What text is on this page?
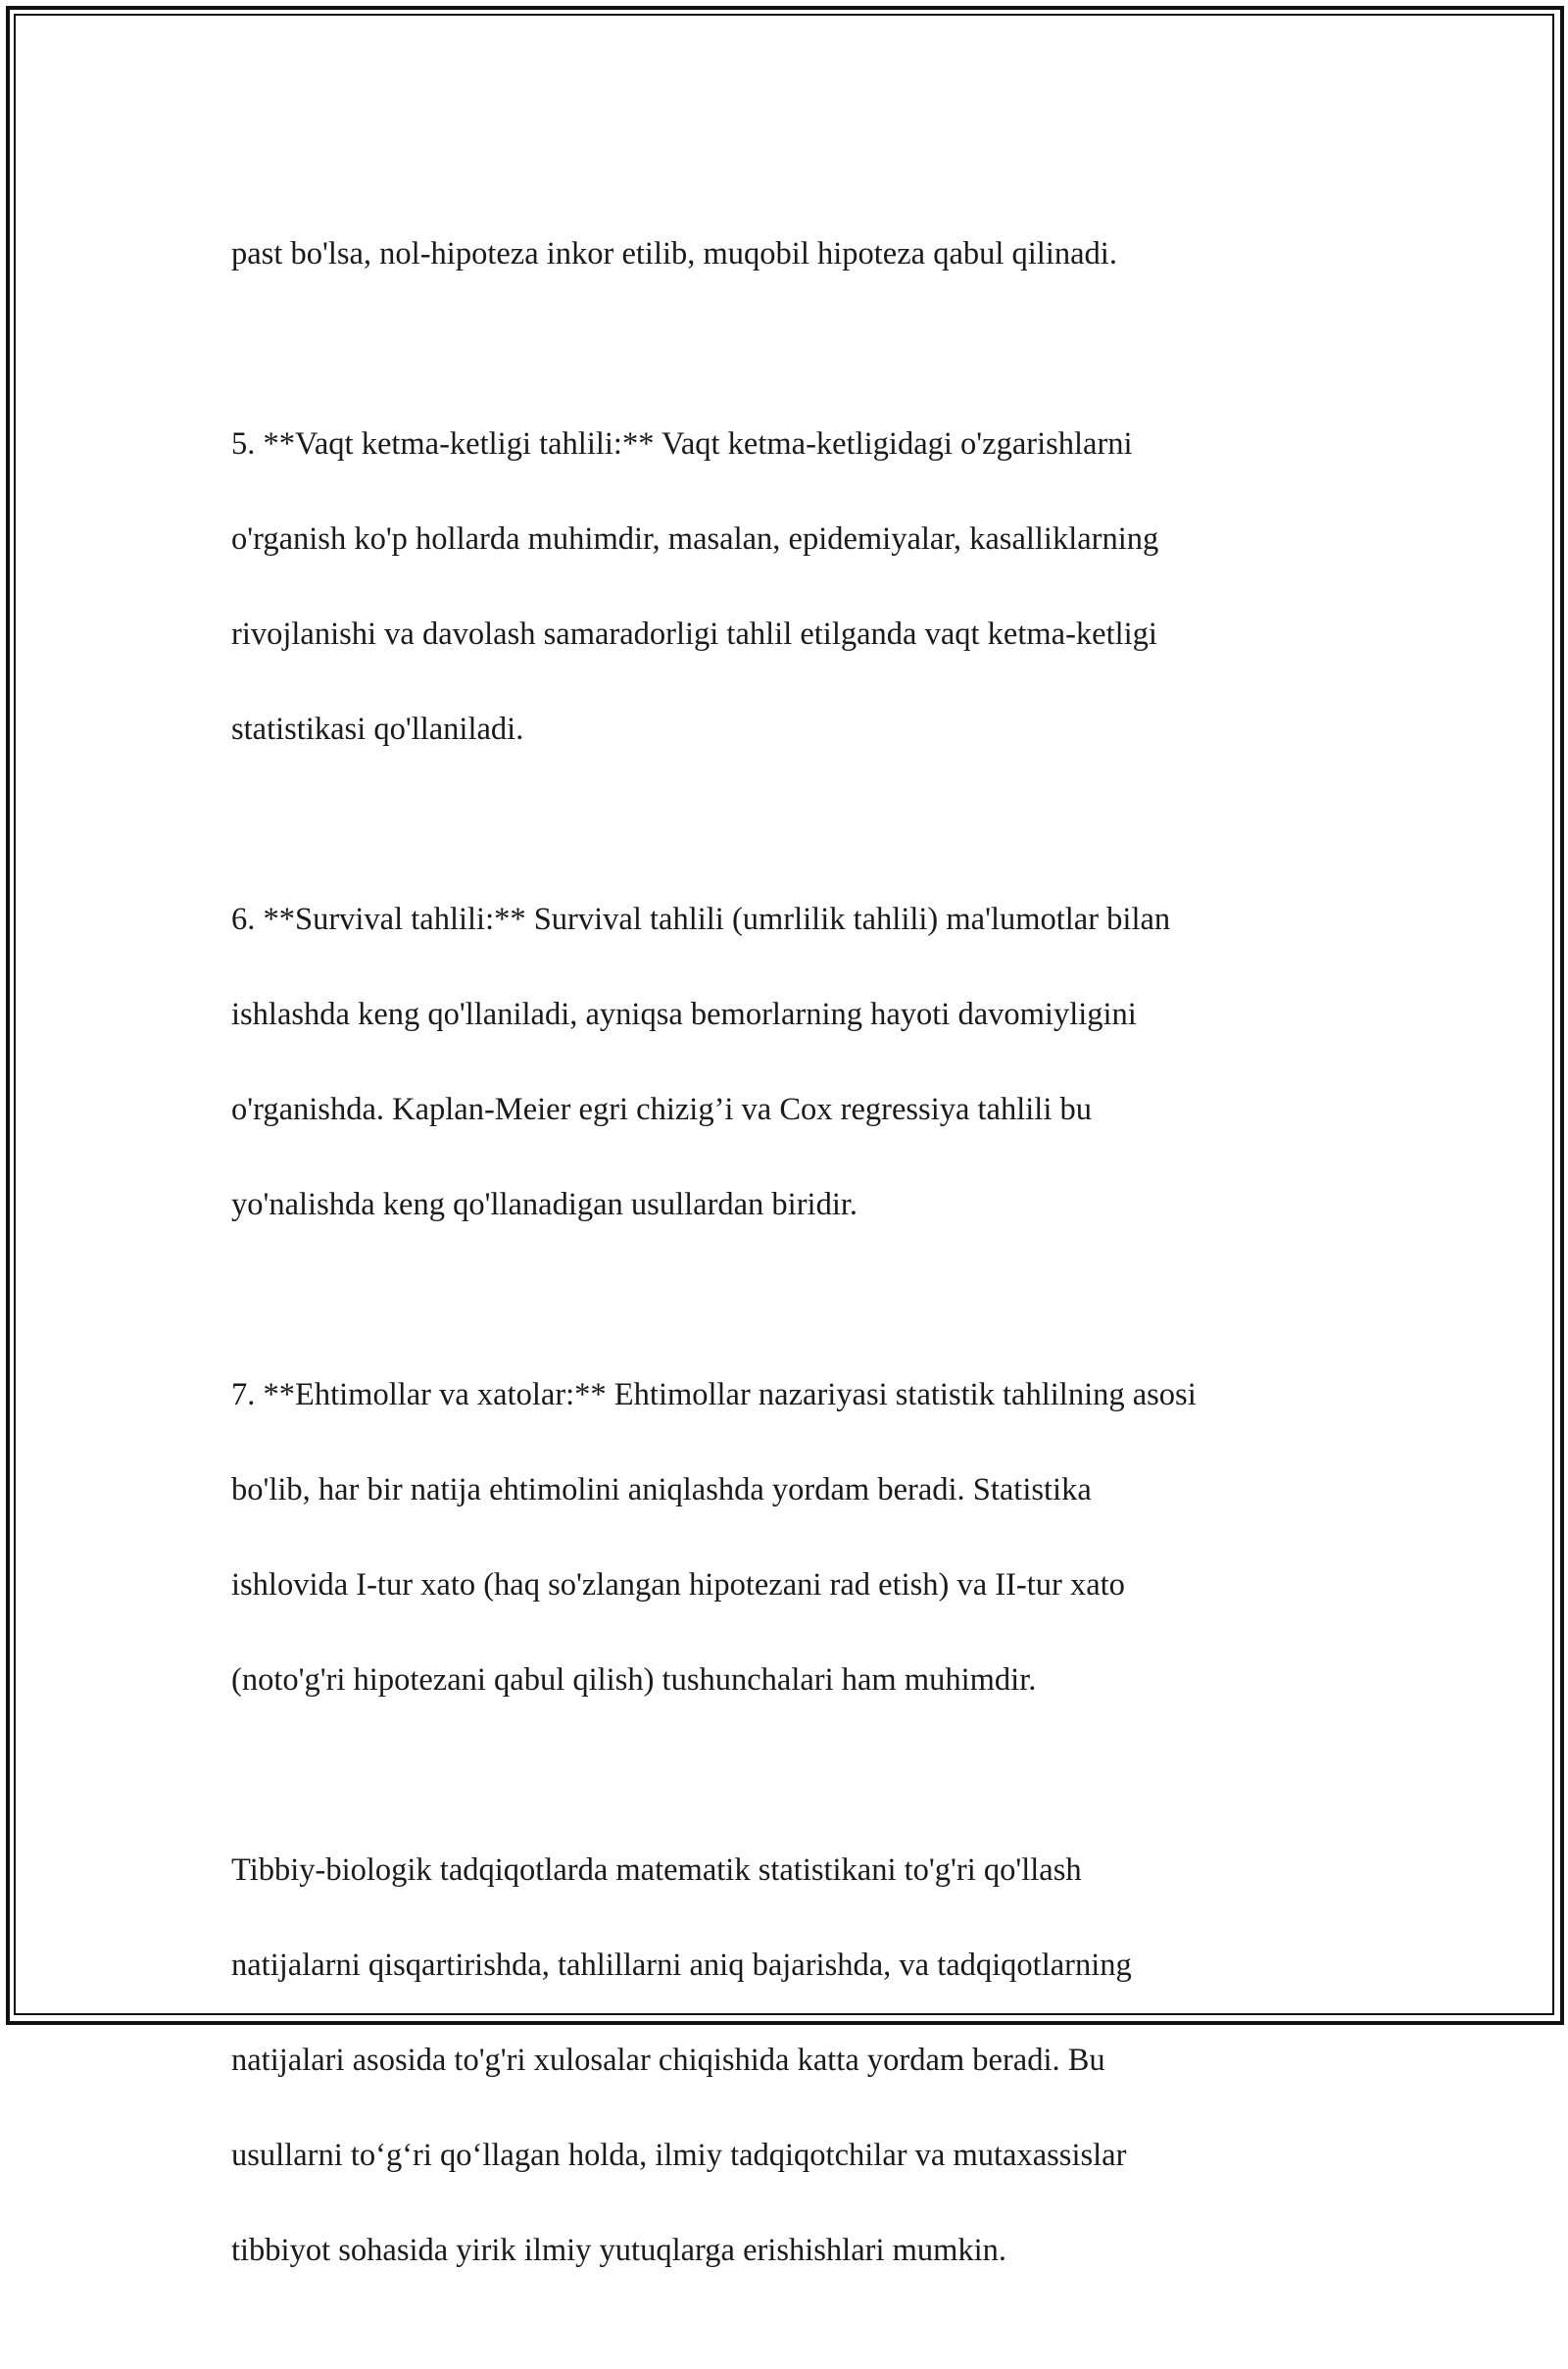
past bo'lsa, nol-hipoteza inkor etilib, muqobil hipoteza qabul qilinadi.

5. **Vaqt ketma-ketligi tahlili:** Vaqt ketma-ketligidagi o'zgarishlarni

o'rganish ko'p hollarda muhimdir, masalan, epidemiyalar, kasalliklarning

rivojlanishi va davolash samaradorligi tahlil etilganda vaqt ketma-ketligi

statistikasi qo'llaniladi.

6. **Survival tahlili:** Survival tahlili (umrlilik tahlili) ma'lumotlar bilan

ishlashda keng qo'llaniladi, ayniqsa bemorlarning hayoti davomiyligini

o'rganishda. Kaplan-Meier egri chizig’i va Cox regressiya tahlili bu

yo'nalishda keng qo'llanadigan usullardan biridir.

7. **Ehtimollar va xatolar:** Ehtimollar nazariyasi statistik tahlilning asosi

bo'lib, har bir natija ehtimolini aniqlashda yordam beradi. Statistika

ishlovida I-tur xato (haq so'zlangan hipotezani rad etish) va II-tur xato

(noto'g'ri hipotezani qabul qilish) tushunchalari ham muhimdir.

Tibbiy-biologik tadqiqotlarda matematik statistikani to'g'ri qo'llash

natijalarni qisqartirishda, tahlillarni aniq bajarishda, va tadqiqotlarning

natijalari asosida to'g'ri xulosalar chiqishida katta yordam beradi. Bu

usullarni to‘g‘ri qo‘llagan holda, ilmiy tadqiqotchilar va mutaxassislar

tibbiyot sohasida yirik ilmiy yutuqlarga erishishlari mumkin.
